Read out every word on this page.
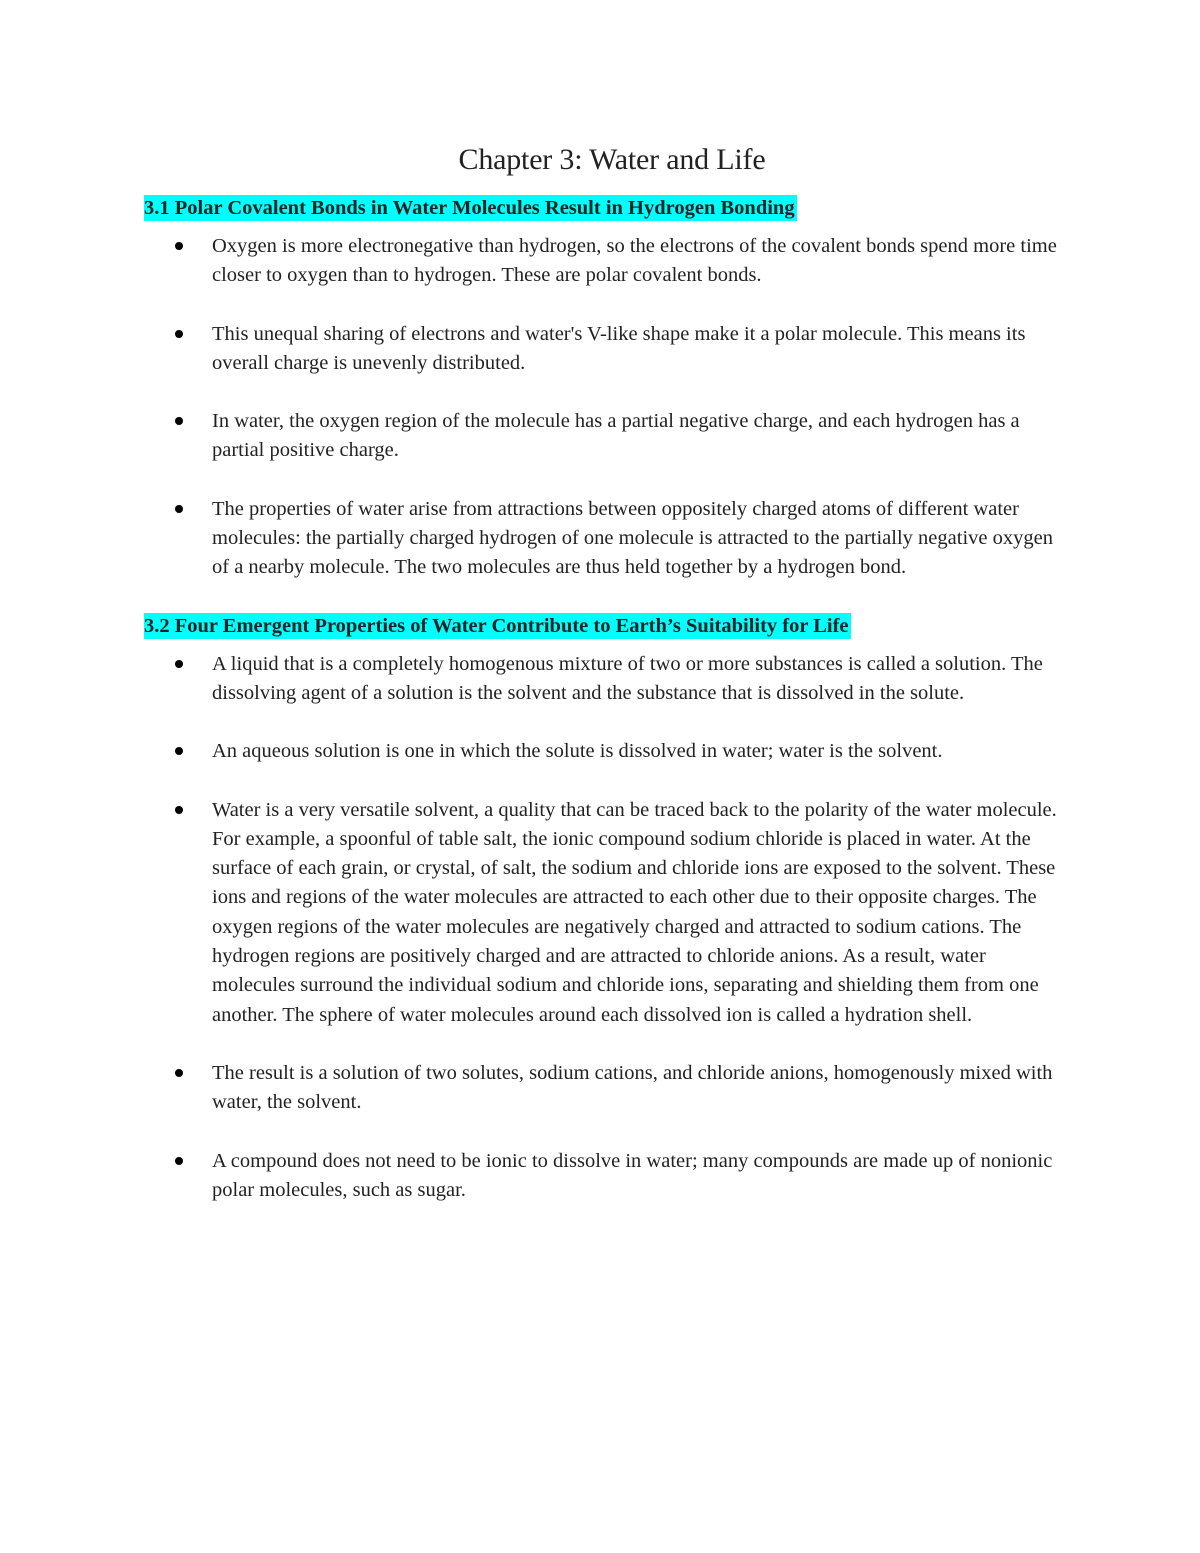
Chapter 3: Water and Life
3.1 Polar Covalent Bonds in Water Molecules Result in Hydrogen Bonding
Oxygen is more electronegative than hydrogen, so the electrons of the covalent bonds spend more time closer to oxygen than to hydrogen. These are polar covalent bonds.
This unequal sharing of electrons and water's V-like shape make it a polar molecule. This means its overall charge is unevenly distributed.
In water, the oxygen region of the molecule has a partial negative charge, and each hydrogen has a partial positive charge.
The properties of water arise from attractions between oppositely charged atoms of different water molecules: the partially charged hydrogen of one molecule is attracted to the partially negative oxygen of a nearby molecule. The two molecules are thus held together by a hydrogen bond.
3.2 Four Emergent Properties of Water Contribute to Earth’s Suitability for Life
A liquid that is a completely homogenous mixture of two or more substances is called a solution. The dissolving agent of a solution is the solvent and the substance that is dissolved in the solute.
An aqueous solution is one in which the solute is dissolved in water; water is the solvent.
Water is a very versatile solvent, a quality that can be traced back to the polarity of the water molecule. For example, a spoonful of table salt, the ionic compound sodium chloride is placed in water. At the surface of each grain, or crystal, of salt, the sodium and chloride ions are exposed to the solvent. These ions and regions of the water molecules are attracted to each other due to their opposite charges. The oxygen regions of the water molecules are negatively charged and attracted to sodium cations. The hydrogen regions are positively charged and are attracted to chloride anions. As a result, water molecules surround the individual sodium and chloride ions, separating and shielding them from one another. The sphere of water molecules around each dissolved ion is called a hydration shell.
The result is a solution of two solutes, sodium cations, and chloride anions, homogenously mixed with water, the solvent.
A compound does not need to be ionic to dissolve in water; many compounds are made up of nonionic polar molecules, such as sugar.
